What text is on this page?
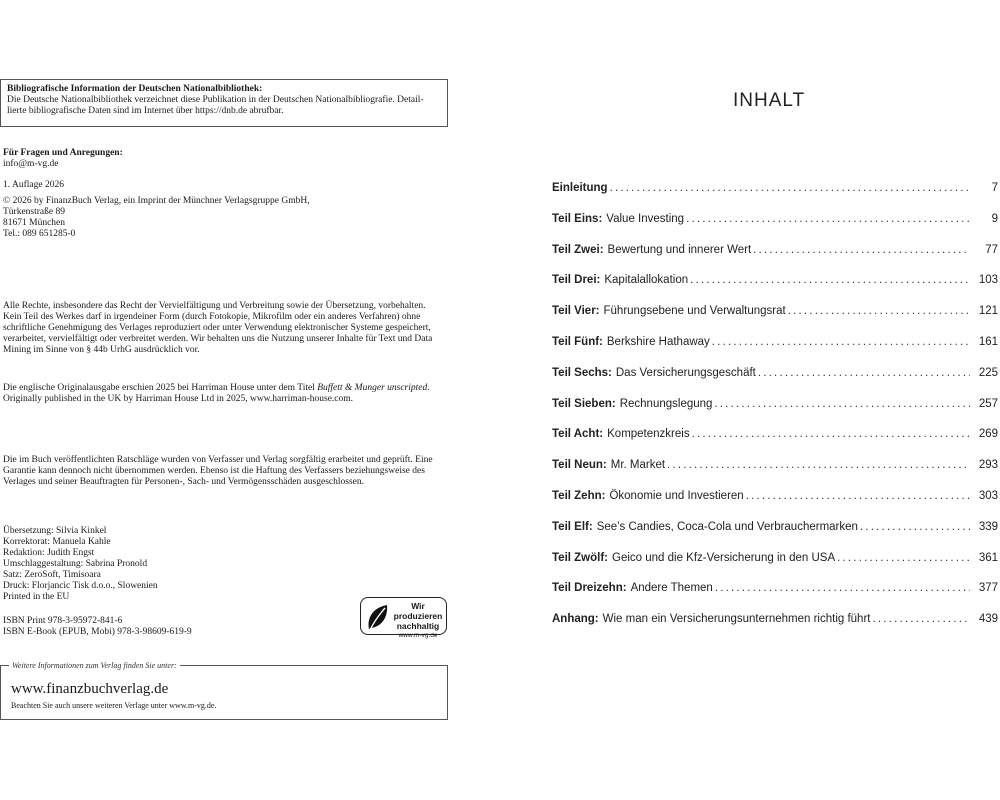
Bibliografische Information der Deutschen Nationalbibliothek:
Die Deutsche Nationalbibliothek verzeichnet diese Publikation in der Deutschen Nationalbibliografie. Detail-
lierte bibliografische Daten sind im Internet über https://dnb.de abrufbar.
Für Fragen und Anregungen:
info@m-vg.de
1. Auflage 2026
© 2026 by FinanzBuch Verlag, ein Imprint der Münchner Verlagsgruppe GmbH,
Türkenstraße 89
81671 München
Tel.: 089 651285-0
Alle Rechte, insbesondere das Recht der Vervielfältigung und Verbreitung sowie der Übersetzung, vorbehalten.
Kein Teil des Werkes darf in irgendeiner Form (durch Fotokopie, Mikrofilm oder ein anderes Verfahren) ohne
schriftliche Genehmigung des Verlages reproduziert oder unter Verwendung elektronischer Systeme gespeichert,
verarbeitet, vervielfältigt oder verbreitet werden. Wir behalten uns die Nutzung unserer Inhalte für Text und Data
Mining im Sinne von § 44b UrhG ausdrücklich vor.
Die englische Originalausgabe erschien 2025 bei Harriman House unter dem Titel Buffett & Munger unscripted.
Originally published in the UK by Harriman House Ltd in 2025, www.harriman-house.com.
Die im Buch veröffentlichten Ratschläge wurden von Verfasser und Verlag sorgfältig erarbeitet und geprüft. Eine
Garantie kann dennoch nicht übernommen werden. Ebenso ist die Haftung des Verfassers beziehungsweise des
Verlages und seiner Beauftragten für Personen-, Sach- und Vermögensschäden ausgeschlossen.
Übersetzung: Silvia Kinkel
Korrektorat: Manuela Kahle
Redaktion: Judith Engst
Umschlaggestaltung: Sabrina Pronold
Satz: ZeroSoft, Timisoara
Druck: Florjancic Tisk d.o.o., Slowenien
Printed in the EU
ISBN Print 978-3-95972-841-6
ISBN E-Book (EPUB, Mobi) 978-3-98609-619-9
Wir produzieren
nachhaltig
www.m-vg.de
Weitere Informationen zum Verlag finden Sie unter:
www.finanzbuchverlag.de
Beachten Sie auch unsere weiteren Verlage unter www.m-vg.de.
INHALT
Einleitung .....	7
Teil Eins: Value Investing .....	9
Teil Zwei: Bewertung und innerer Wert .....	77
Teil Drei: Kapitalallokation .....	103
Teil Vier: Führungsebene und Verwaltungsrat .....	121
Teil Fünf: Berkshire Hathaway .....	161
Teil Sechs: Das Versicherungsgeschäft .....	225
Teil Sieben: Rechnungslegung .....	257
Teil Acht: Kompetenzkreis .....	269
Teil Neun: Mr. Market .....	293
Teil Zehn: Ökonomie und Investieren .....	303
Teil Elf: See’s Candies, Coca-Cola und Verbrauchermarken .....	339
Teil Zwölf: Geico und die Kfz-Versicherung in den USA .....	361
Teil Dreizehn: Andere Themen .....	377
Anhang: Wie man ein Versicherungsunternehmen richtig führt .....	439
